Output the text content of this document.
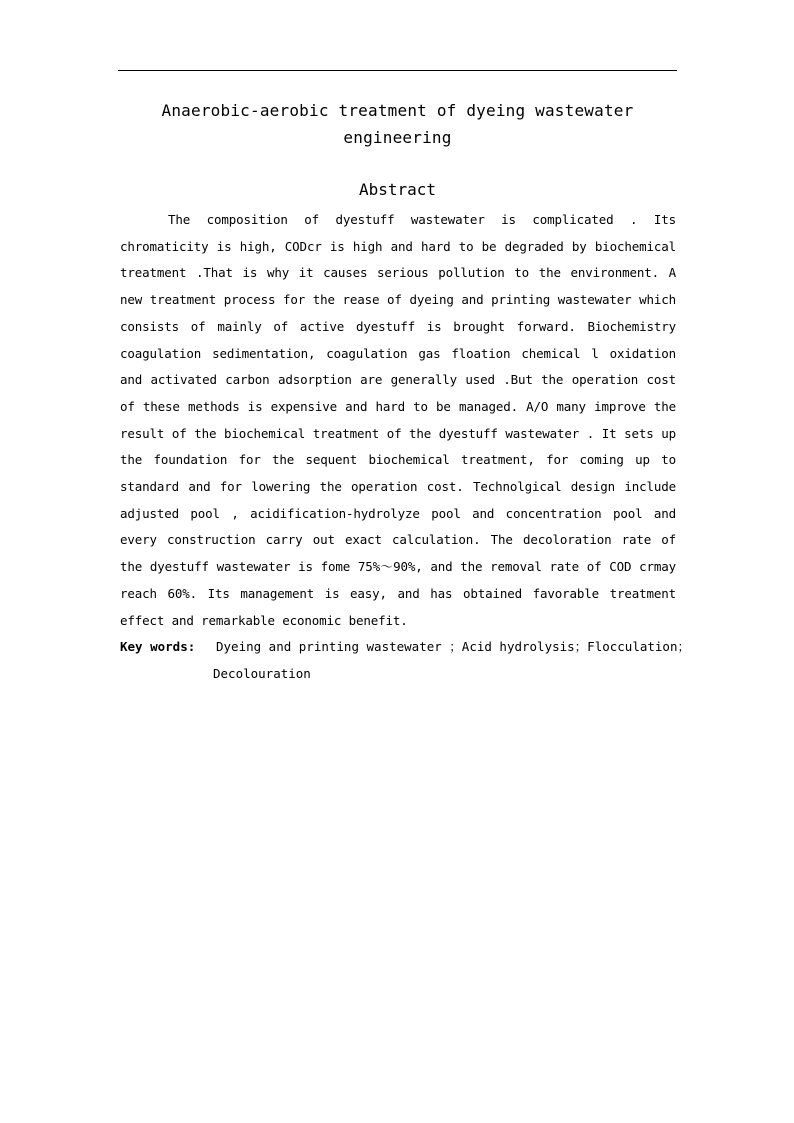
Anaerobic-aerobic treatment of dyeing wastewater
engineering
Abstract

The composition of dyestuff wastewater is complicated . Its chromaticity is high, CODcr is high and hard to be degraded by biochemical treatment .That is why it causes serious pollution to the environment. A new treatment process for the rease of dyeing and printing wastewater which consists of mainly of active dyestuff is brought forward. Biochemistry coagulation sedimentation, coagulation gas floation chemical l oxidation and activated carbon adsorption are generally used .But the operation cost of these methods is expensive and hard to be managed. A/O many improve the result of the biochemical treatment of the dyestuff wastewater . It sets up the foundation for the sequent biochemical treatment, for coming up to standard and for lowering the operation cost. Technolgical design include adjusted pool , acidification-hydrolyze pool and concentration pool and every construction carry out exact calculation. The decoloration rate of the dyestuff wastewater is fome 75%～90%, and the removal rate of COD crmay reach 60%. Its management is easy, and has obtained favorable treatment effect and remarkable economic benefit.

Key words: Dyeing and printing wastewater ；Acid hydrolysis；Flocculation；
Decolouration
